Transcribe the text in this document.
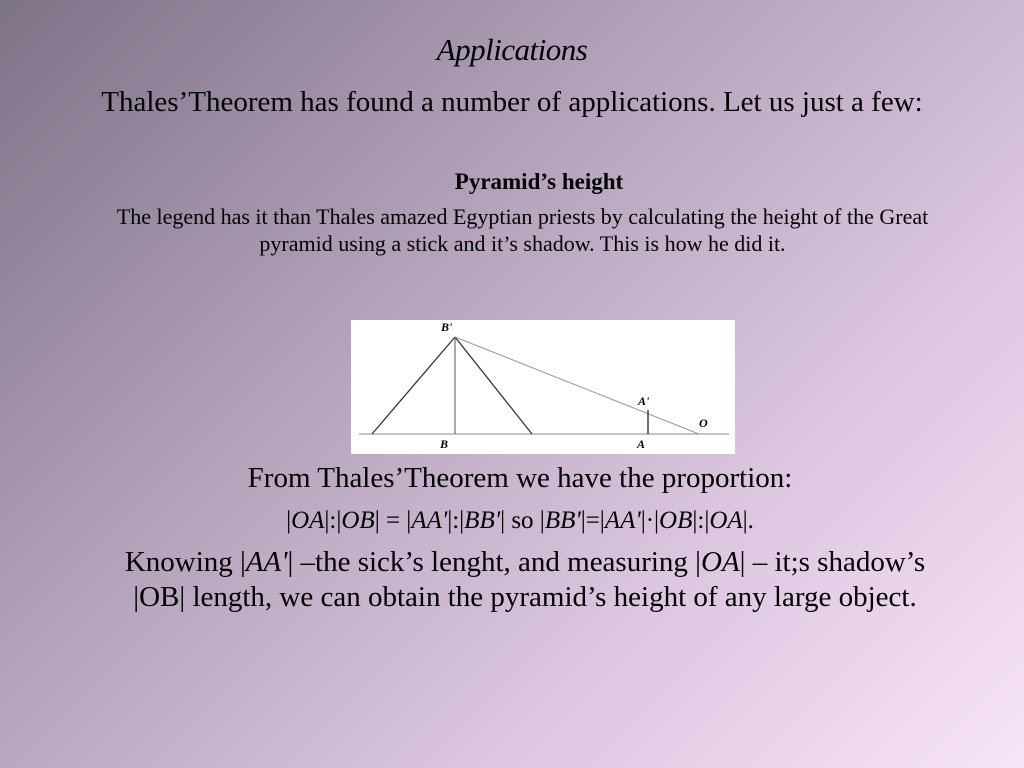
Applications
Thales’Theorem has found a number of applications. Let us just a few:
Pyramid’s height
The legend has it than Thales amazed Egyptian priests by calculating the height of the Great pyramid using a stick and it’s shadow. This is how he did it.
B'
A'
O
B	A
From Thales’Theorem we have the proportion:
|OA|:|OB| = |AA'|:|BB'| so |BB'|=|AA'|·|OB|:|OA|.
Knowing |AA'| –the sick’s lenght, and measuring |OA| – it;s shadow’s |OB| length, we can obtain the pyramid’s height of any large object.
